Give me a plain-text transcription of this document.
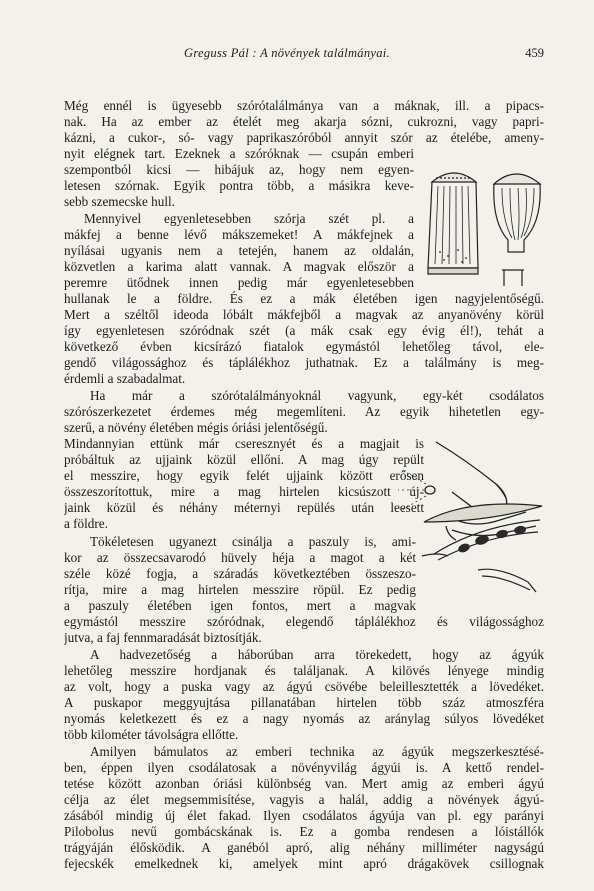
Greguss Pál : A növények találmányai.	459
Még ennél is ügyesebb szórótalálmánya van a máknak, ill. a pipacs-
nak. Ha az ember az ételét meg akarja sózni, cukrozni, vagy papri-
kázni, a cukor-, só- vagy paprikaszóróból annyit szór az ételébe, ameny-
nyit elégnek tart. Ezeknek a szóróknak — csupán emberi
szempontból kicsi — hibájuk az, hogy nem egyen-
letesen szórnak. Egyik pontra több, a másikra keve-
sebb szemecske hull.
Mennyivel egyenletesebben szórja szét pl. a
mákfej a benne lévő mákszemeket! A mákfejnek a
nyílásai ugyanis nem a tetején, hanem az oldalán,
közvetlen a karima alatt vannak. A magvak először a
peremre ütődnek innen pedig már egyenletesebben
hullanak le a földre. És ez a mák életében igen nagyjelentőségű.
Mert a széltől ideoda lóbált mákfejből a magvak az anyanövény körül
így egyenletesen szóródnak szét (a mák csak egy évig él!), tehát a
következő évben kicsírázó fiatalok egymástól lehetőleg távol, ele-
gendő világossághoz és táplálékhoz juthatnak. Ez a találmány is meg-
érdemli a szabadalmat.
Ha már a szórótalálmányoknál vagyunk, egy-két csodálatos
szórószerkezetet érdemes még megemlíteni. Az egyik hihetetlen egy-
szerű, a növény életében mégis óriási jelentőségű.
Mindannyian ettünk már cseresznyét és a magjait is
próbáltuk az ujjaink közül ellőni. A mag úgy repült
el messzire, hogy egyik felét ujjaink között erősen
összeszorítottuk, mire a mag hirtelen kicsúszott új-
jaink közül és néhány méternyi repülés után leesett
a földre.
Tökéletesen ugyanezt csinálja a paszuly is, ami-
kor az összecsavarodó hüvely héja a magot a két
széle közé fogja, a száradás következtében összeszo-
rítja, mire a mag hirtelen messzire röpül. Ez pedig
a paszuly életében igen fontos, mert a magvak
egymástól messzire szóródnak, elegendő táplálékhoz és világossághoz
jutva, a faj fennmaradását biztosítják.
A hadvezetőség a háborúban arra törekedett, hogy az ágyúk
lehetőleg messzire hordjanak és találjanak. A kilövés lényege mindig
az volt, hogy a puska vagy az ágyú csövébe beleillesztették a lövedéket.
A puskapor meggyujtása pillanatában hirtelen több száz atmoszféra
nyomás keletkezett és ez a nagy nyomás az aránylag súlyos lövedéket
több kilométer távolságra ellőtte.
Amilyen bámulatos az emberi technika az ágyúk megszerkesztésé-
ben, éppen ilyen csodálatosak a növényvilág ágyúi is. A kettő rendel-
tetése között azonban óriási különbség van. Mert amig az emberi ágyú
célja az élet megsemmisítése, vagyis a halál, addig a növények ágyú-
zásából mindig új élet fakad. Ilyen csodálatos ágyúja van pl. egy parányi
Pilobolus nevű gombácskának is. Ez a gomba rendesen a lóistállók
trágyáján élősködik. A ganéból apró, alig néhány milliméter nagyságú
fejecskék emelkednek ki, amelyek mint apró drágakövek csillognak
